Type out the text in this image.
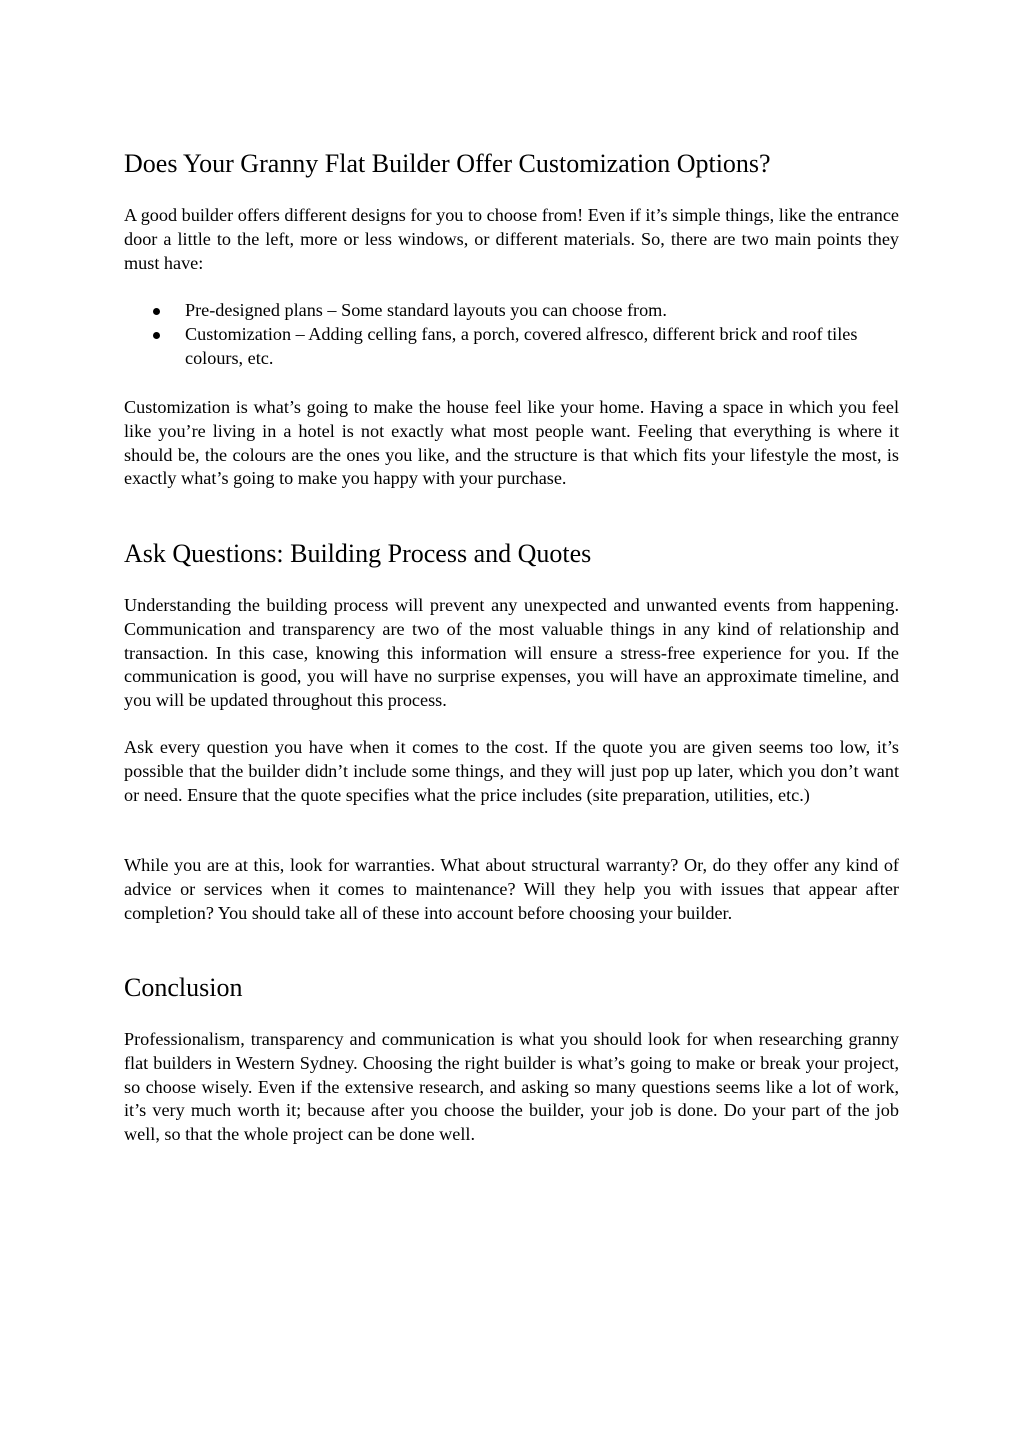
Does Your Granny Flat Builder Offer Customization Options?

A good builder offers different designs for you to choose from! Even if it’s simple things, like the entrance door a little to the left, more or less windows, or different materials. So, there are two main points they must have:

Pre-designed plans – Some standard layouts you can choose from.
Customization – Adding celling fans, a porch, covered alfresco, different brick and roof tiles colours, etc.

Customization is what’s going to make the house feel like your home. Having a space in which you feel like you’re living in a hotel is not exactly what most people want. Feeling that everything is where it should be, the colours are the ones you like, and the structure is that which fits your lifestyle the most, is exactly what’s going to make you happy with your purchase.

Ask Questions: Building Process and Quotes

Understanding the building process will prevent any unexpected and unwanted events from happening. Communication and transparency are two of the most valuable things in any kind of relationship and transaction. In this case, knowing this information will ensure a stress-free experience for you. If the communication is good, you will have no surprise expenses, you will have an approximate timeline, and you will be updated throughout this process.

Ask every question you have when it comes to the cost. If the quote you are given seems too low, it’s possible that the builder didn’t include some things, and they will just pop up later, which you don’t want or need. Ensure that the quote specifies what the price includes (site preparation, utilities, etc.)

While you are at this, look for warranties. What about structural warranty? Or, do they offer any kind of advice or services when it comes to maintenance? Will they help you with issues that appear after completion? You should take all of these into account before choosing your builder.

Conclusion

Professionalism, transparency and communication is what you should look for when researching granny flat builders in Western Sydney. Choosing the right builder is what’s going to make or break your project, so choose wisely. Even if the extensive research, and asking so many questions seems like a lot of work, it’s very much worth it; because after you choose the builder, your job is done. Do your part of the job well, so that the whole project can be done well.
